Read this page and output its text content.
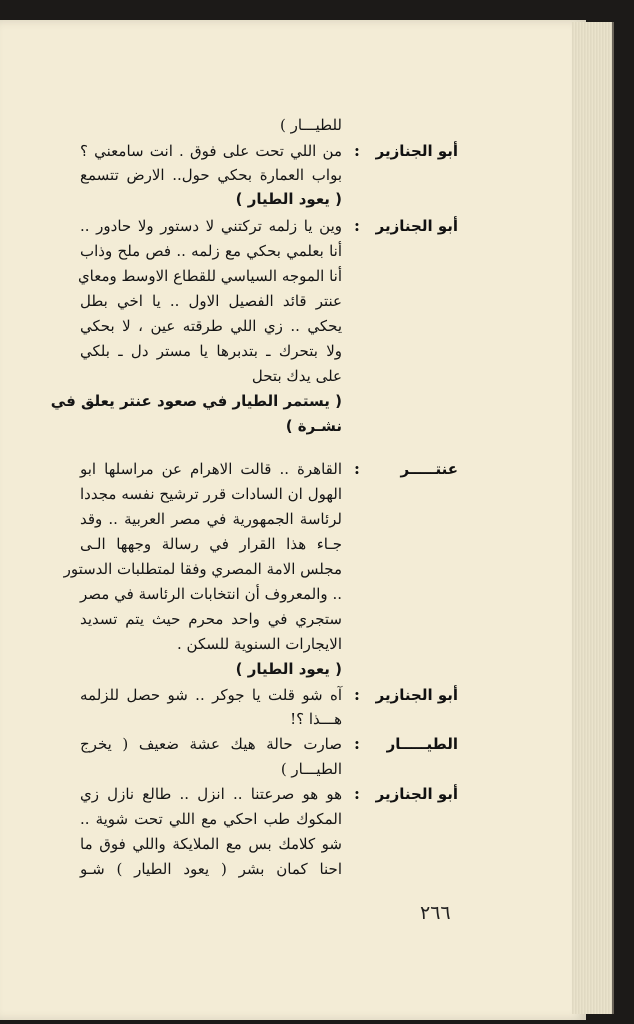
أبو الجنازير
:
أبو الجنازير
:
عنتـــــر
:
أبو الجنازير
:
الطيـــــار
:
أبو الجنازير
:
للطيـــار )
من اللي تحت على فوق . انت سامعني ؟
بواب العمارة بحكي حول.. الارض تتسمع
( يعود الطيار )
وين يا زلمه تركتني لا دستور ولا حادور ..
أنا بعلمي بحكي مع زلمه .. فص ملح وذاب
أنا الموجه السياسي للقطاع الاوسط ومعاي
عنتر قائد الفصيل الاول .. يا اخي بطل
يحكي .. زي اللي طرقته عين ، لا بحكي
ولا بتحرك ـ بتدبرها يا مستر دل ـ بلكي
على يدك بتحل
( يستمر الطيار في صعود عنتر يعلق في
نشـرة )
القاهرة .. قالت الاهرام عن مراسلها ابو
الهول ان السادات قرر ترشيح نفسه مجددا
لرئاسة الجمهورية في مصر العربية .. وقد
جـاء هذا القرار في رسالة وجهها الـى
مجلس الامة المصري وفقا لمتطلبات الدستور
.. والمعروف أن انتخابات الرئاسة في مصر
ستجري في واحد محرم حيث يتم تسديد
الايجارات السنوية للسكن .
( يعود الطيار )
آه شو قلت يا جوكر .. شو حصل للزلمه
هـــذا ؟!
صارت حالة هيك عشة ضعيف ( يخرج
الطيـــار )
هو هو صرعتنا .. انزل .. طالع نازل زي
المكوك طب احكي مع اللي تحت شوية ..
شو كلامك بس مع الملايكة واللي فوق ما
احنا كمان بشر ( يعود الطيار ) شـو
٢٦٦
